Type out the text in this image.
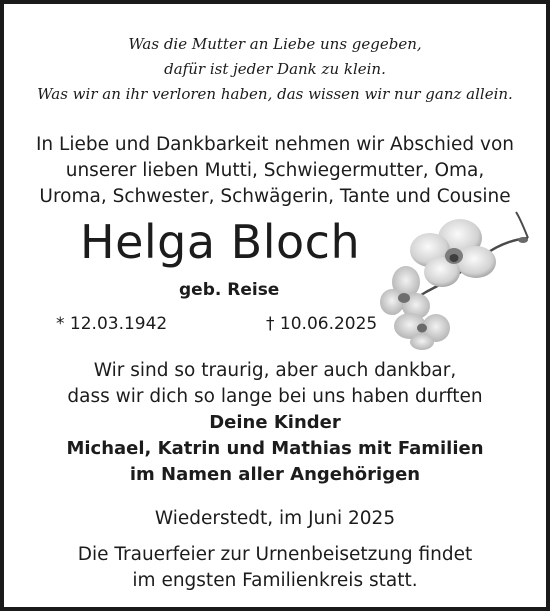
Was die Mutter an Liebe uns gegeben,
dafür ist jeder Dank zu klein.
Was wir an ihr verloren haben, das wissen wir nur ganz allein.
In Liebe und Dankbarkeit nehmen wir Abschied von
unserer lieben Mutti, Schwiegermutter, Oma,
Uroma, Schwester, Schwägerin, Tante und Cousine
Helga Bloch
geb. Reise
* 12.03.1942	† 10.06.2025
Wir sind so traurig, aber auch dankbar,
dass wir dich so lange bei uns haben durften
Deine Kinder
Michael, Katrin und Mathias mit Familien
im Namen aller Angehörigen
Wiederstedt, im Juni 2025
Die Trauerfeier zur Urnenbeisetzung findet
im engsten Familienkreis statt.
